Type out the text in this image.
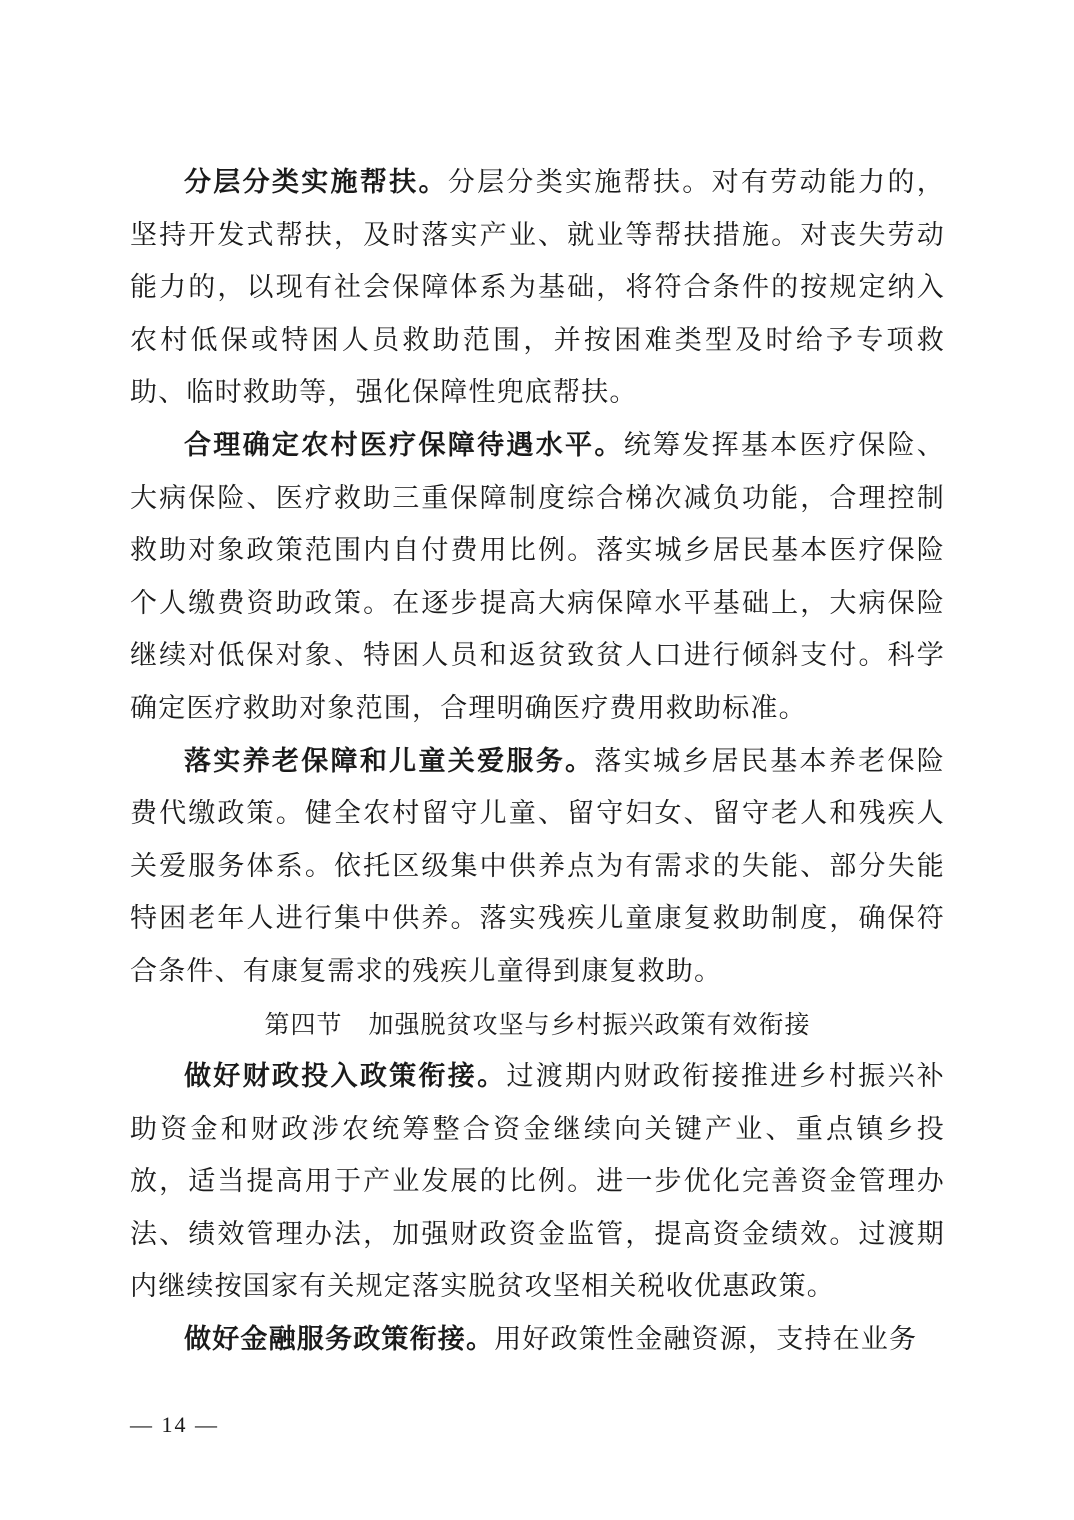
分层分类实施帮扶。分层分类实施帮扶。对有劳动能力的，坚持开发式帮扶，及时落实产业、就业等帮扶措施。对丧失劳动能力的，以现有社会保障体系为基础，将符合条件的按规定纳入农村低保或特困人员救助范围，并按困难类型及时给予专项救助、临时救助等，强化保障性兜底帮扶。

合理确定农村医疗保障待遇水平。统筹发挥基本医疗保险、大病保险、医疗救助三重保障制度综合梯次减负功能，合理控制救助对象政策范围内自付费用比例。落实城乡居民基本医疗保险个人缴费资助政策。在逐步提高大病保障水平基础上，大病保险继续对低保对象、特困人员和返贫致贫人口进行倾斜支付。科学确定医疗救助对象范围，合理明确医疗费用救助标准。

落实养老保障和儿童关爱服务。落实城乡居民基本养老保险费代缴政策。健全农村留守儿童、留守妇女、留守老人和残疾人关爱服务体系。依托区级集中供养点为有需求的失能、部分失能特困老年人进行集中供养。落实残疾儿童康复救助制度，确保符合条件、有康复需求的残疾儿童得到康复救助。

第四节　加强脱贫攻坚与乡村振兴政策有效衔接

做好财政投入政策衔接。过渡期内财政衔接推进乡村振兴补助资金和财政涉农统筹整合资金继续向关键产业、重点镇乡投放，适当提高用于产业发展的比例。进一步优化完善资金管理办法、绩效管理办法，加强财政资金监管，提高资金绩效。过渡期内继续按国家有关规定落实脱贫攻坚相关税收优惠政策。

做好金融服务政策衔接。用好政策性金融资源，支持在业务

— 14 —
